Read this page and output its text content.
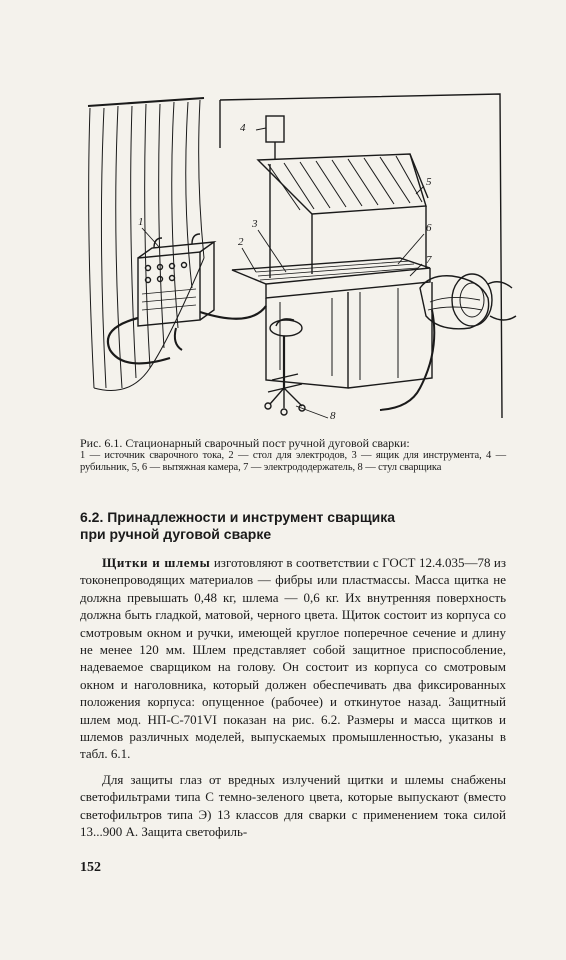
4
5
1	3
2
6
7
8
Рис. 6.1. Стационарный сварочный пост ручной дуговой сварки:
1 — источник сварочного тока, 2 — стол для электродов, 3 — ящик для инструмента, 4 — рубильник, 5, 6 — вытяжная камера, 7 — электрододержатель, 8 — стул сварщика
6.2. Принадлежности и инструмент сварщика
при ручной дуговой сварке

Щитки и шлемы изготовляют в соответствии с ГОСТ 12.4.035—78 из токонепроводящих материалов — фибры или пластмассы. Масса щитка не должна превышать 0,48 кг, шлема — 0,6 кг. Их внутренняя поверхность должна быть гладкой, матовой, черного цвета. Щиток состоит из корпуса со смотровым окном и ручки, имеющей круглое поперечное сечение и длину не менее 120 мм. Шлем представляет собой защитное приспособление, надеваемое сварщиком на голову. Он состоит из корпуса со смотровым окном и наголовника, который должен обеспечивать два фиксированных положения корпуса: опущенное (рабочее) и откинутое назад. Защитный шлем мод. НП-С-701VI показан на рис. 6.2. Размеры и масса щитков и шлемов различных моделей, выпускаемых промышленностью, указаны в табл. 6.1.

Для защиты глаз от вредных излучений щитки и шлемы снабжены светофильтрами типа С темно-зеленого цвета, которые выпускают (вместо светофильтров типа Э) 13 классов для сварки с применением тока силой 13...900 А. Защита светофиль-

152
